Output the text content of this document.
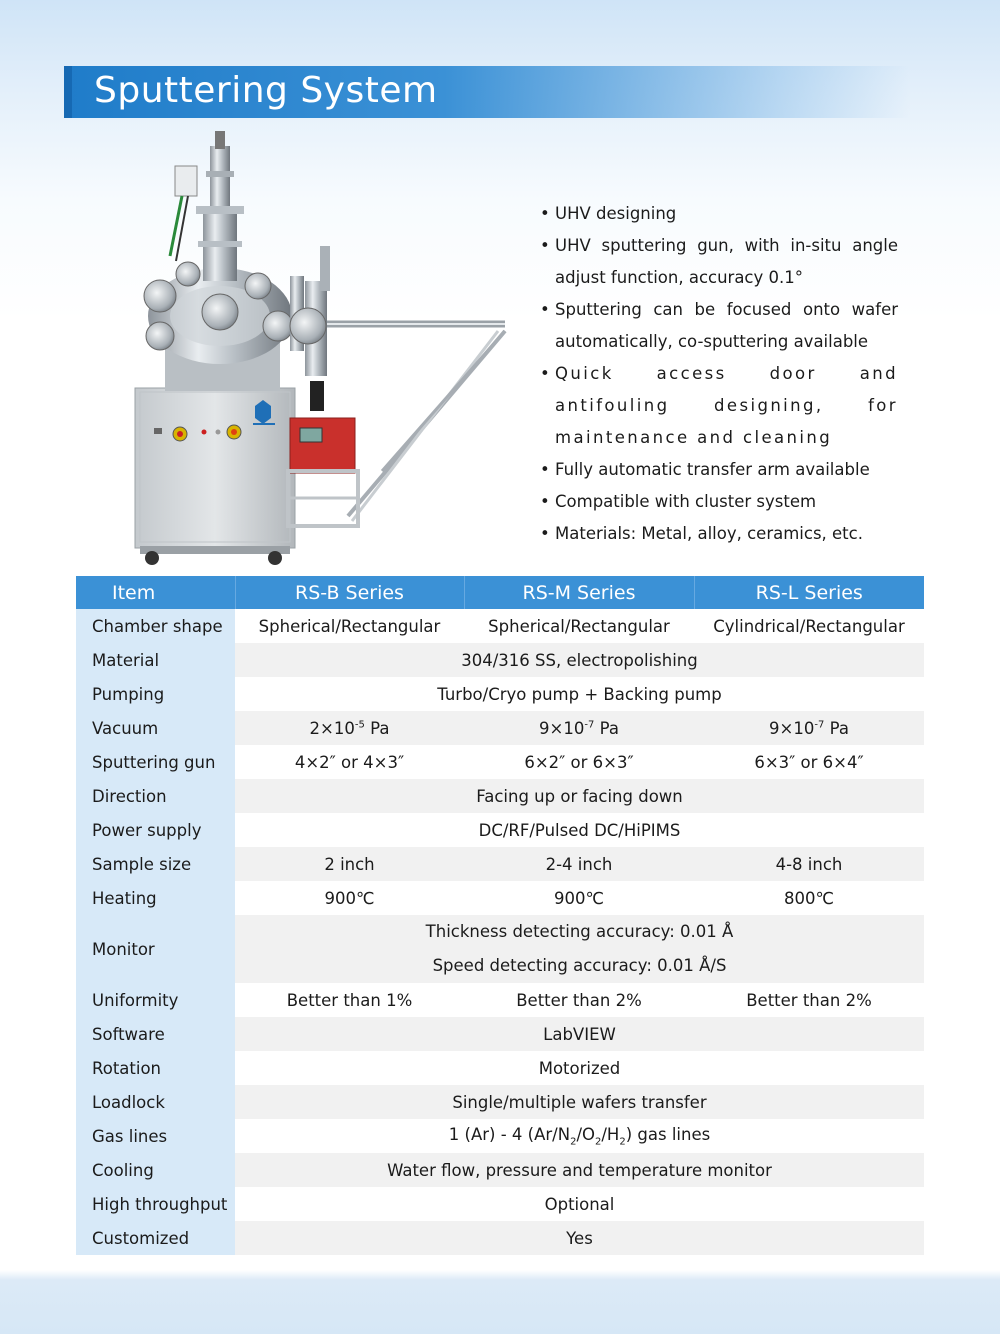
Sputtering System
• UHV designing
• UHV sputtering gun, with in-situ angle adjust function, accuracy 0.1°
• Sputtering can be focused onto wafer automatically, co-sputtering available
• Quick access door and antifouling designing, for maintenance and cleaning
• Fully automatic transfer arm available
• Compatible with cluster system
• Materials: Metal, alloy, ceramics, etc.
Item	RS-B Series	RS-M Series	RS-L Series
Chamber shape	Spherical/Rectangular	Spherical/Rectangular	Cylindrical/Rectangular
Material	304/316 SS, electropolishing		
Pumping	Turbo/Cryo pump + Backing pump		
Vacuum	$2\times 10^{-5}$ Pa	$9\times 10^{-7}$ Pa	$9\times 10^{-7}$ Pa
Sputtering gun	4×2″ or 4×3″	6×2″ or 6×3″	6×3″ or 6×4″
Direction	Facing up or facing down		
Power supply	DC/RF/Pulsed DC/HiPIMS		
Sample size	2 inch	2-4 inch	4-8 inch
Heating	900℃	900℃	800℃
Monitor	Thickness detecting accuracy: 0.01 Å
Speed detecting accuracy: 0.01 Å/S		

Uniformity	Better than 1%	Better than 2%	Better than 2%
Software	LabVIEW		
Rotation	Motorized		
Loadlock	Single/multiple wafers transfer		
Gas lines	1 (Ar) - 4 $(Ar/N_2/O_2/H_2)$ gas lines		
Cooling	Water flow, pressure and temperature monitor		
High throughput	Optional		
Customized	Yes		
